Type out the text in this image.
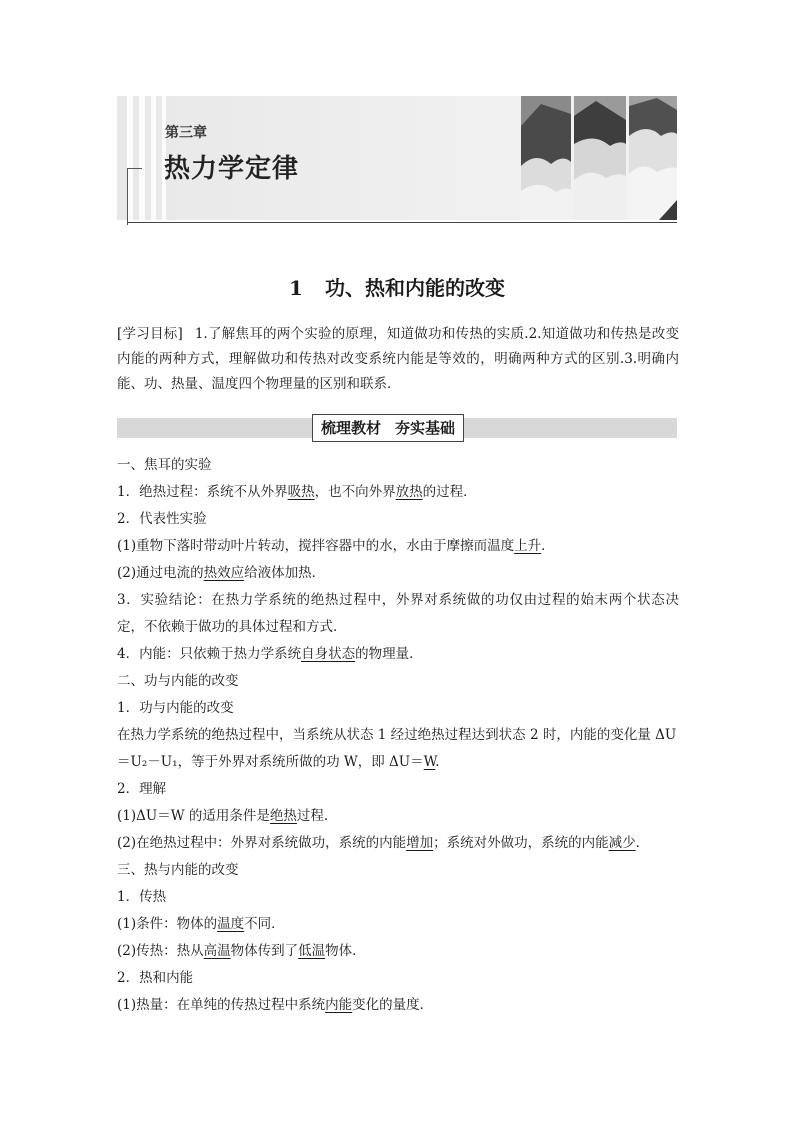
第三章
热力学定律
1 功、热和内能的改变
[学习目标] 1.了解焦耳的两个实验的原理，知道做功和传热的实质.2.知道做功和传热是改变内能的两种方式，理解做功和传热对改变系统内能是等效的，明确两种方式的区别.3.明确内能、功、热量、温度四个物理量的区别和联系．
梳理教材 夯实基础
一、焦耳的实验
1．绝热过程：系统不从外界吸热，也不向外界放热的过程．
2．代表性实验
(1)重物下落时带动叶片转动，搅拌容器中的水，水由于摩擦而温度上升．
(2)通过电流的热效应给液体加热．
3．实验结论：在热力学系统的绝热过程中，外界对系统做的功仅由过程的始末两个状态决定，不依赖于做功的具体过程和方式．
4．内能：只依赖于热力学系统自身状态的物理量．
二、功与内能的改变
1．功与内能的改变
在热力学系统的绝热过程中，当系统从状态 1 经过绝热过程达到状态 2 时，内能的变化量 ΔU
＝U₂－U₁，等于外界对系统所做的功 W，即 ΔU＝W.
2．理解
(1)ΔU＝W 的适用条件是绝热过程．
(2)在绝热过程中：外界对系统做功，系统的内能增加；系统对外做功，系统的内能减少．
三、热与内能的改变
1．传热
(1)条件：物体的温度不同．
(2)传热：热从高温物体传到了低温物体．
2．热和内能
(1)热量：在单纯的传热过程中系统内能变化的量度．
